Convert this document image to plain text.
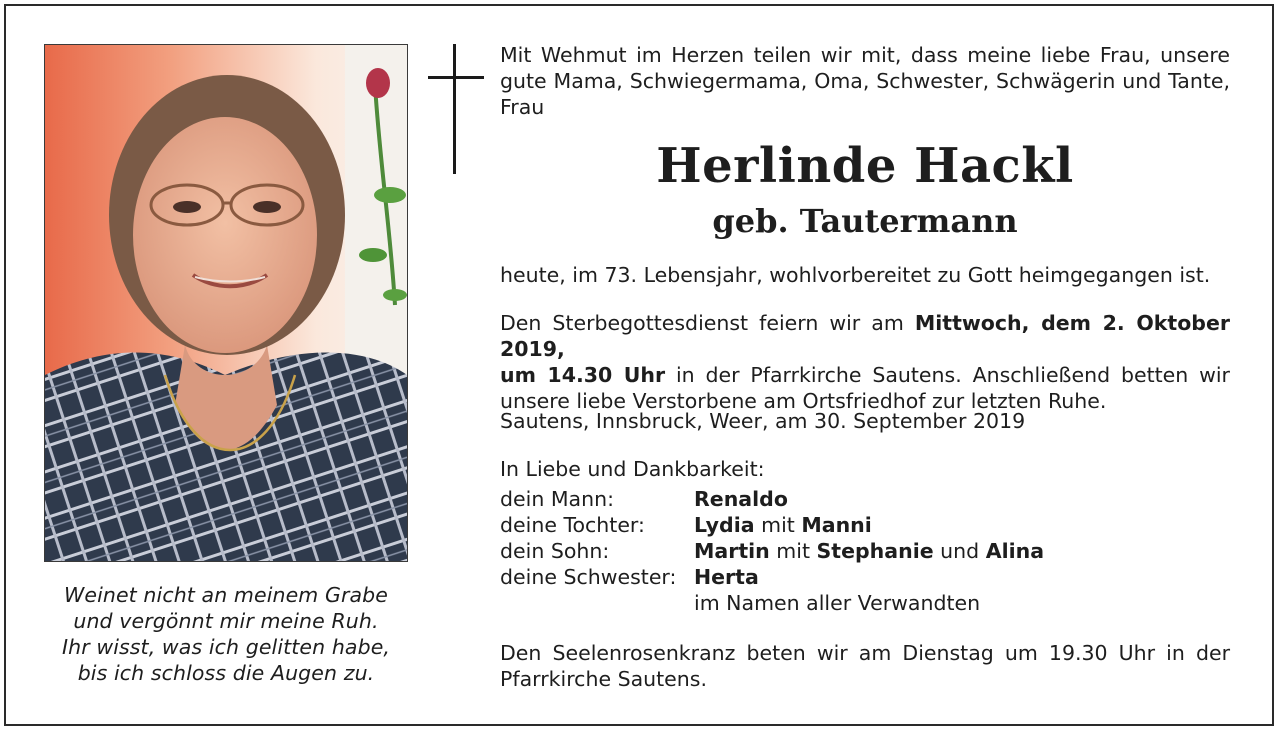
Weinet nicht an meinem Grabe
und vergönnt mir meine Ruh.
Ihr wisst, was ich gelitten habe,
bis ich schloss die Augen zu.
Mit Wehmut im Herzen teilen wir mit, dass meine liebe Frau, unsere
gute Mama, Schwiegermama, Oma, Schwester, Schwägerin und Tante,
Frau
Herlinde Hackl
geb. Tautermann
heute, im 73. Lebensjahr, wohlvorbereitet zu Gott heimgegangen ist.
Den Sterbegottesdienst feiern wir am Mittwoch, dem 2. Oktober 2019,
um 14.30 Uhr in der Pfarrkirche Sautens. Anschließend betten wir
unsere liebe Verstorbene am Ortsfriedhof zur letzten Ruhe.
Sautens, Innsbruck, Weer, am 30. September 2019
In Liebe und Dankbarkeit:
dein Mann:	Renaldo
deine Tochter:	Lydia mit Manni
dein Sohn:	Martin mit Stephanie und Alina
deine Schwester: Herta
im Namen aller Verwandten
Den Seelenrosenkranz beten wir am Dienstag um 19.30 Uhr in der
Pfarrkirche Sautens.
